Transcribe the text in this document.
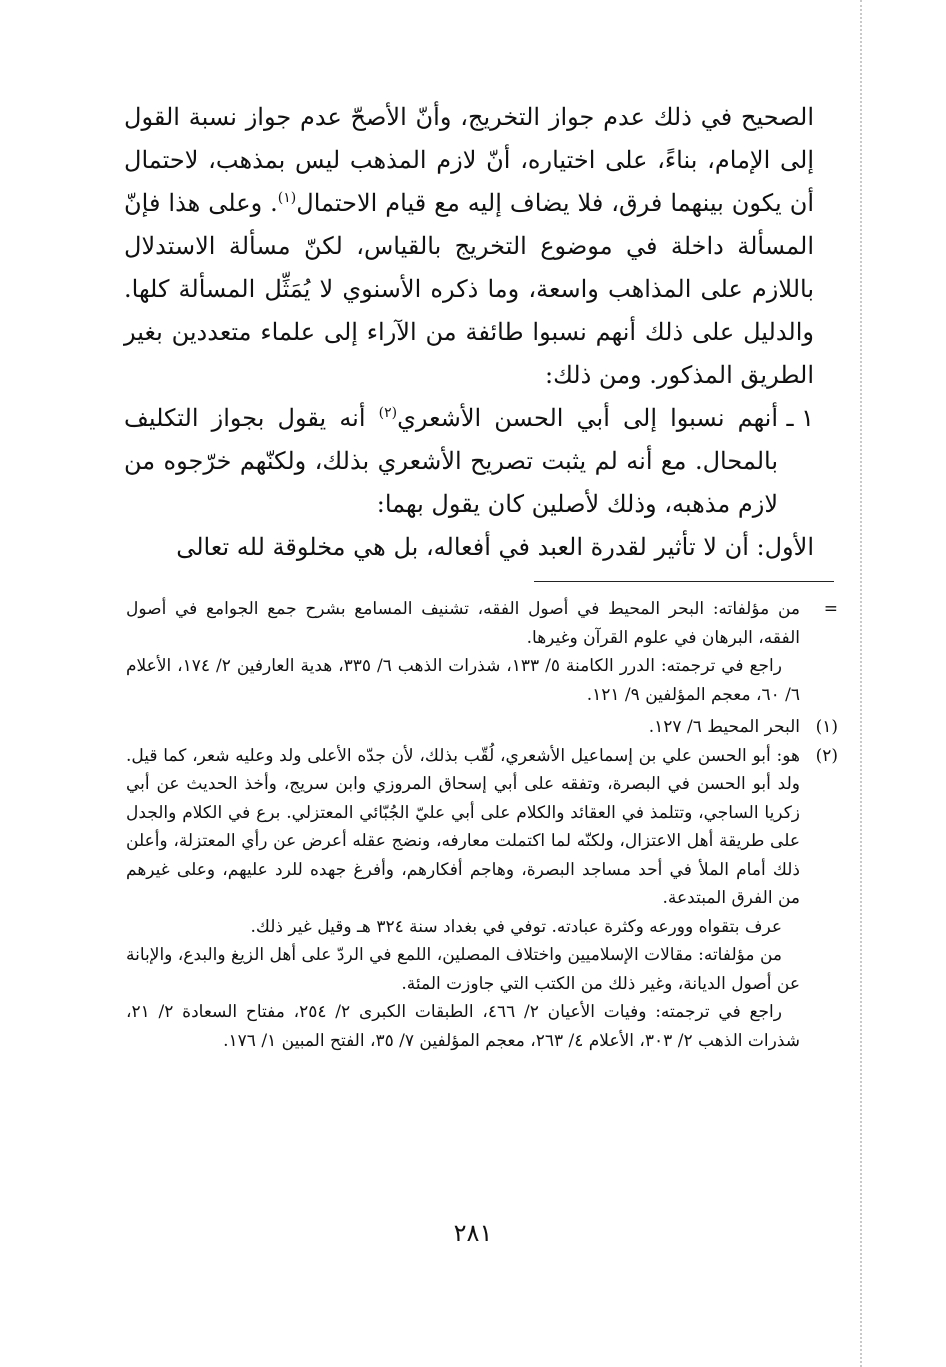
الصحيح في ذلك عدم جواز التخريج، وأنّ الأصحّ عدم جواز نسبة القول إلى الإمام، بناءً، على اختياره، أنّ لازم المذهب ليس بمذهب، لاحتمال أن يكون بينهما فرق، فلا يضاف إليه مع قيام الاحتمال$^{(١)}$. وعلى هذا فإنّ المسألة داخلة في موضوع التخريج بالقياس، لكنّ مسألة الاستدلال باللازم على المذاهب واسعة، وما ذكره الأسنوي لا يُمَثِّل المسألة كلها. والدليل على ذلك أنهم نسبوا طائفة من الآراء إلى علماء متعددين بغير الطريق المذكور. ومن ذلك:

١ ـ
أنهم نسبوا إلى أبي الحسن الأشعري$^{(٢)}$ أنه يقول بجواز التكليف بالمحال. مع أنه لم يثبت تصريح الأشعري بذلك، ولكنّهم خرّجوه من لازم مذهبه، وذلك لأصلين كان يقول بهما:

الأول: أن لا تأثير لقدرة العبد في أفعاله، بل هي مخلوقة لله تعالى

=
من مؤلفاته: البحر المحيط في أصول الفقه، تشنيف المسامع بشرح جمع الجوامع في أصول الفقه، البرهان في علوم القرآن وغيرها.

راجع في ترجمته: الدرر الكامنة ٥/ ١٣٣، شذرات الذهب ٦/ ٣٣٥، هدية العارفين ٢/ ١٧٤، الأعلام ٦/ ٦٠، معجم المؤلفين ٩/ ١٢١.

(١)
البحر المحيط ٦/ ١٢٧.
(٢)
هو: أبو الحسن علي بن إسماعيل الأشعري، لُقّب بذلك، لأن جدّه الأعلى ولد وعليه شعر، كما قيل. ولد أبو الحسن في البصرة، وتفقه على أبي إسحاق المروزي وابن سريج، وأخذ الحديث عن أبي زكريا الساجي، وتتلمذ في العقائد والكلام على أبي عليّ الجُبّائي المعتزلي. برع في الكلام والجدل على طريقة أهل الاعتزال، ولكنّه لما اكتملت معارفه، ونضج عقله أعرض عن رأي المعتزلة، وأعلن ذلك أمام الملأ في أحد مساجد البصرة، وهاجم أفكارهم، وأفرغ جهده للرد عليهم، وعلى غيرهم من الفرق المبتدعة.

عرف بتقواه وورعه وكثرة عبادته. توفي في بغداد سنة ٣٢٤ هـ وقيل غير ذلك.

من مؤلفاته: مقالات الإسلاميين واختلاف المصلين، اللمع في الردّ على أهل الزيغ والبدع، والإبانة عن أصول الديانة، وغير ذلك من الكتب التي جاوزت المئة.

راجع في ترجمته: وفيات الأعيان ٢/ ٤٦٦، الطبقات الكبرى ٢/ ٢٥٤، مفتاح السعادة ٢/ ٢١، شذرات الذهب ٢/ ٣٠٣، الأعلام ٤/ ٢٦٣، معجم المؤلفين ٧/ ٣٥، الفتح المبين ١/ ١٧٦.

٢٨١
